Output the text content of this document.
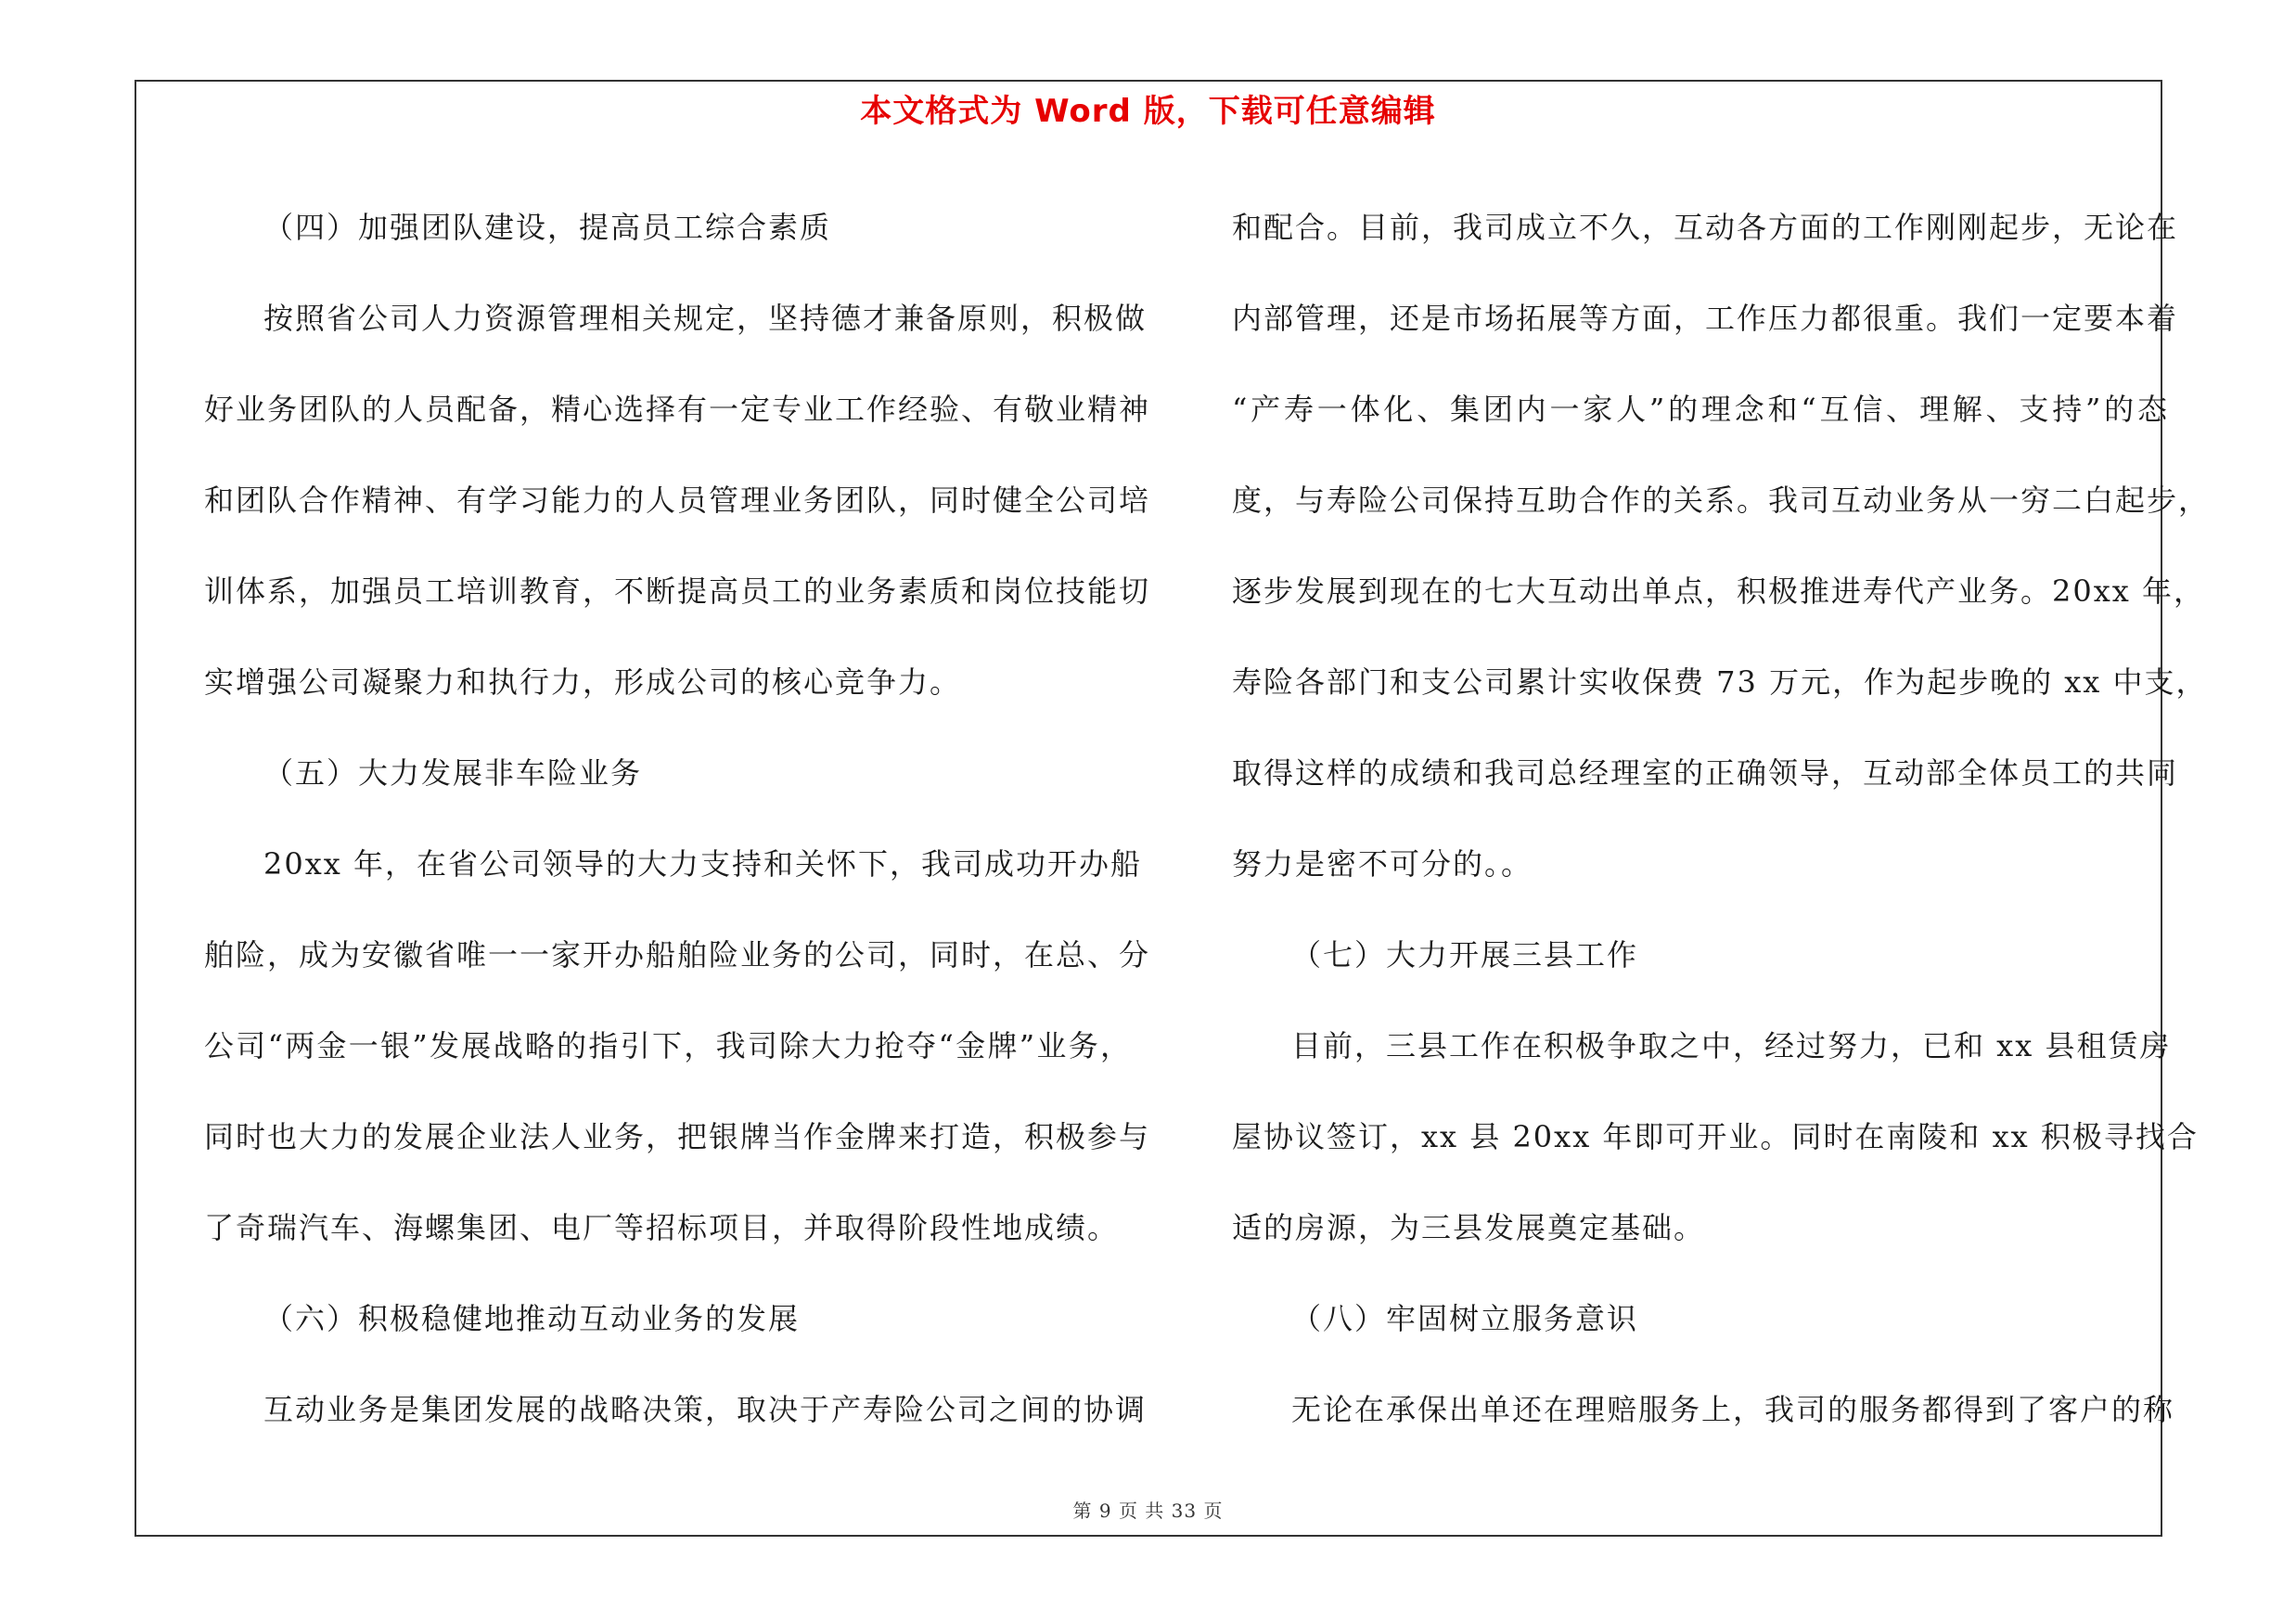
本文格式为 Word 版，下载可任意编辑
（四）加强团队建设，提高员工综合素质
按照省公司人力资源管理相关规定，坚持德才兼备原则，积极做
好业务团队的人员配备，精心选择有一定专业工作经验、有敬业精神
和团队合作精神、有学习能力的人员管理业务团队，同时健全公司培
训体系，加强员工培训教育，不断提高员工的业务素质和岗位技能切
实增强公司凝聚力和执行力，形成公司的核心竞争力。
（五）大力发展非车险业务
20xx 年，在省公司领导的大力支持和关怀下，我司成功开办船
舶险，成为安徽省唯一一家开办船舶险业务的公司，同时，在总、分
公司“两金一银”发展战略的指引下，我司除大力抢夺“金牌”业务，
同时也大力的发展企业法人业务，把银牌当作金牌来打造，积极参与
了奇瑞汽车、海螺集团、电厂等招标项目，并取得阶段性地成绩。
（六）积极稳健地推动互动业务的发展
互动业务是集团发展的战略决策，取决于产寿险公司之间的协调
和配合。目前，我司成立不久，互动各方面的工作刚刚起步，无论在
内部管理，还是市场拓展等方面，工作压力都很重。我们一定要本着
“产寿一体化、集团内一家人”的理念和“互信、理解、支持”的态
度，与寿险公司保持互助合作的关系。我司互动业务从一穷二白起步，
逐步发展到现在的七大互动出单点，积极推进寿代产业务。20xx 年，
寿险各部门和支公司累计实收保费 73 万元，作为起步晚的 xx 中支，
取得这样的成绩和我司总经理室的正确领导，互动部全体员工的共同
努力是密不可分的。。
（七）大力开展三县工作
目前，三县工作在积极争取之中，经过努力，已和 xx 县租赁房
屋协议签订，xx 县 20xx 年即可开业。同时在南陵和 xx 积极寻找合
适的房源，为三县发展奠定基础。
（八）牢固树立服务意识
无论在承保出单还在理赔服务上，我司的服务都得到了客户的称
第 9 页 共 33 页
